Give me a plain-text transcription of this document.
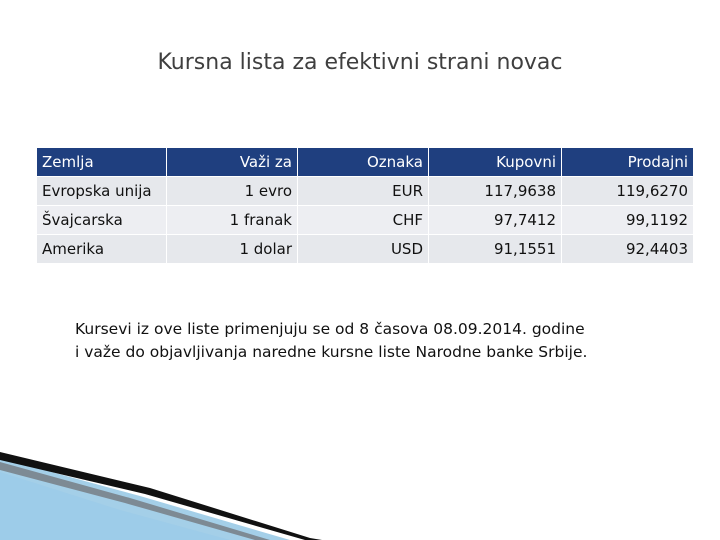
Kursna lista za efektivni strani novac
Zemlja	Važi za	Oznaka	Kupovni	Prodajni
Evropska unija	1 evro	EUR	117,9638	119,6270
Švajcarska	1 franak	CHF	97,7412	99,1192
Amerika	1 dolar	USD	91,1551	92,4403
Kursevi iz ove liste primenjuju se od 8 časova 08.09.2014. godine
i važe do objavljivanja naredne kursne liste Narodne banke Srbije.
